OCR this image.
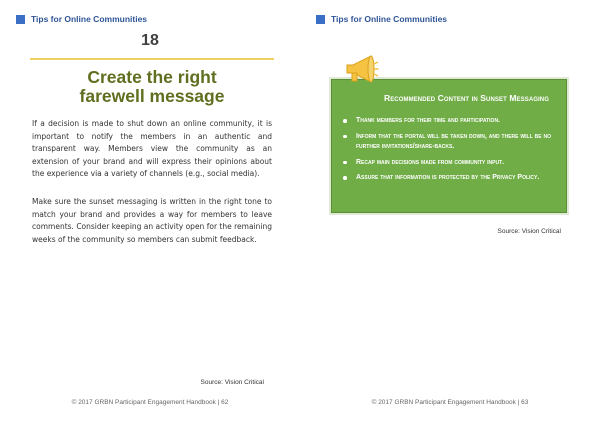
Tips for Online Communities
18
Create the right
farewell message

If a decision is made to shut down an online community, it is important to notify the members in an authentic and transparent way. Members view the community as an extension of your brand and will express their opinions about the experience via a variety of channels (e.g., social media).

Make sure the sunset messaging is written in the right tone to match your brand and provides a way for members to leave comments. Consider keeping an activity open for the remaining weeks of the community so members can submit feedback.

Source: Vision Critical
© 2017 GRBN Participant Engagement Handbook | 62
Tips for Online Communities
Recommended Content in Sunset Messaging
Thank members for their time and participation.
Inform that the portal will be taken down, and there will be no further invitations/share-backs.
Recap main decisions made from community input.
Assure that information is protected by the Privacy Policy.
Source: Vision Critical
© 2017 GRBN Participant Engagement Handbook | 63
